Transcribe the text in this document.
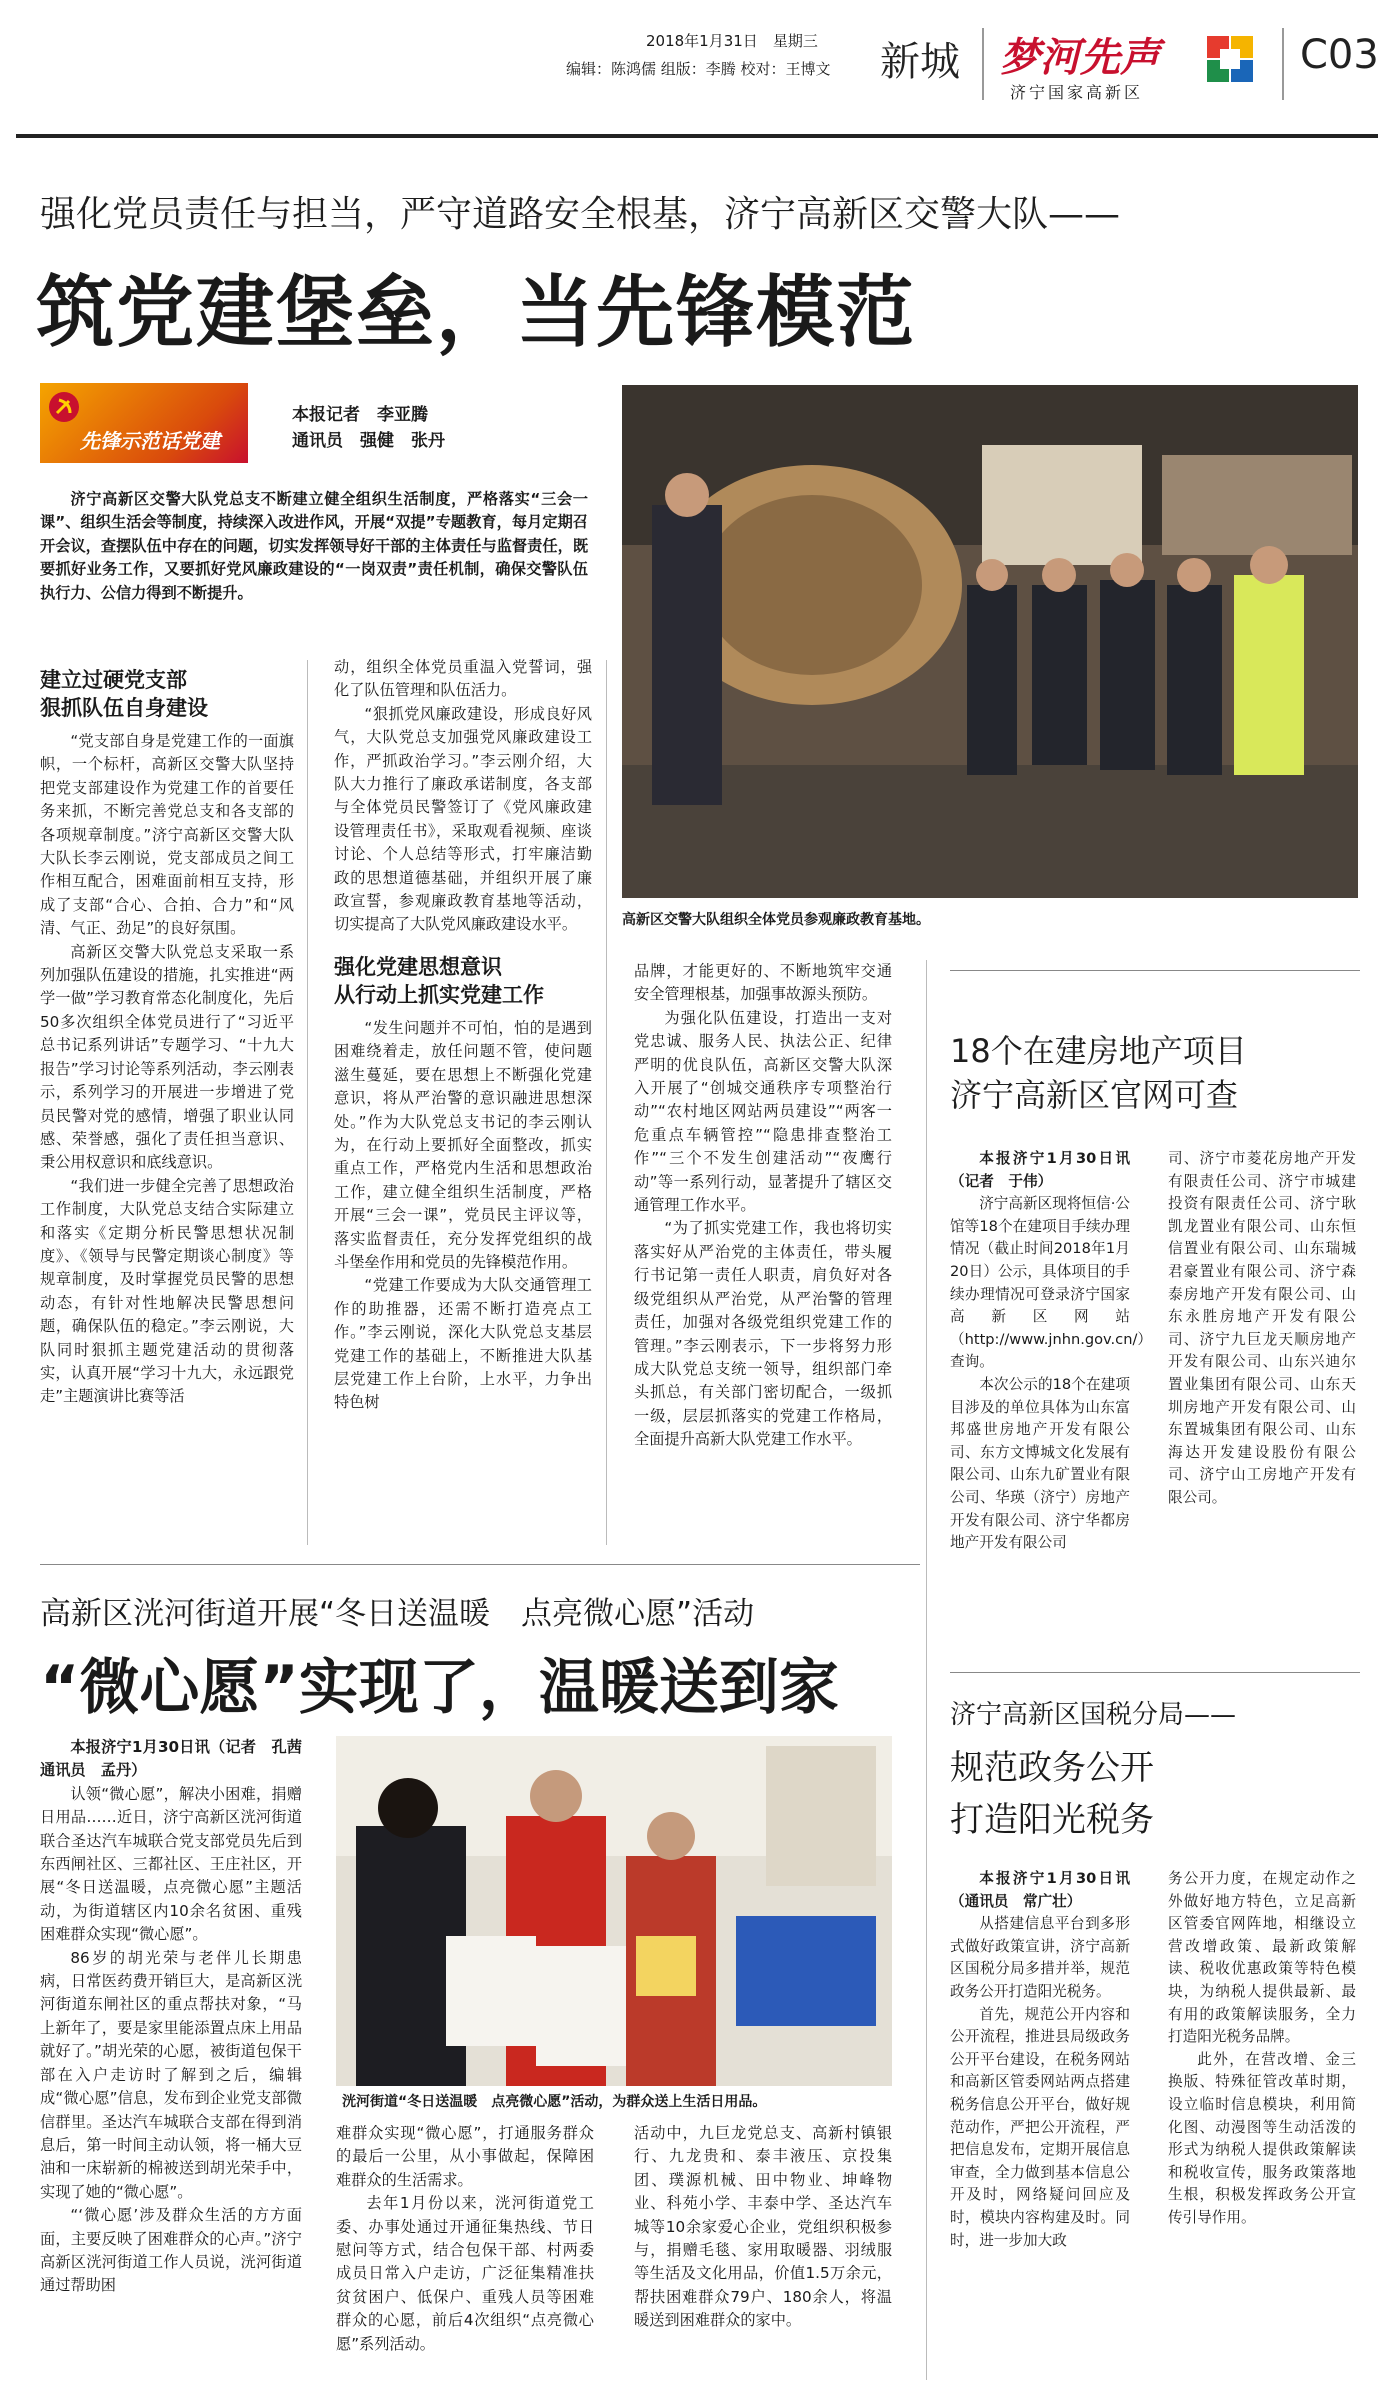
2018年1月31日　 星期三
编辑：陈鸿儒 组版：李腾 校对：王博文 新城 梦河先声
济宁国家高新区
C03
强化党员责任与担当，严守道路安全根基，济宁高新区交警大队——
筑党建堡垒，当先锋模范
先锋示范话党建
本报记者　李亚腾
通讯员　强健　张丹

济宁高新区交警大队党总支不断建立健全组织生活制度，严格落实“三会一课”、组织生活会等制度，持续深入改进作风，开展“双提”专题教育，每月定期召开会议，查摆队伍中存在的问题，切实发挥领导好干部的主体责任与监督责任，既要抓好业务工作，又要抓好党风廉政建设的“一岗双责”责任机制，确保交警队伍执行力、公信力得到不断提升。

高新区交警大队组织全体党员参观廉政教育基地。
建立过硬党支部
狠抓队伍自身建设

“党支部自身是党建工作的一面旗帜，一个标杆，高新区交警大队坚持把党支部建设作为党建工作的首要任务来抓，不断完善党总支和各支部的各项规章制度。”济宁高新区交警大队大队长李云刚说，党支部成员之间工作相互配合，困难面前相互支持，形成了支部“合心、合拍、合力”和“风清、气正、劲足”的良好氛围。

高新区交警大队党总支采取一系列加强队伍建设的措施，扎实推进“两学一做”学习教育常态化制度化，先后50多次组织全体党员进行了“习近平总书记系列讲话”专题学习、“十九大报告”学习讨论等系列活动，李云刚表示，系列学习的开展进一步增进了党员民警对党的感情，增强了职业认同感、荣誉感，强化了责任担当意识、秉公用权意识和底线意识。

“我们进一步健全完善了思想政治工作制度，大队党总支结合实际建立和落实《定期分析民警思想状况制度》、《领导与民警定期谈心制度》等规章制度，及时掌握党员民警的思想动态，有针对性地解决民警思想问题，确保队伍的稳定。”李云刚说，大队同时狠抓主题党建活动的贯彻落实，认真开展“学习十九大，永远跟党走”主题演讲比赛等活

动，组织全体党员重温入党誓词，强化了队伍管理和队伍活力。

“狠抓党风廉政建设，形成良好风气，大队党总支加强党风廉政建设工作，严抓政治学习。”李云刚介绍，大队大力推行了廉政承诺制度，各支部与全体党员民警签订了《党风廉政建设管理责任书》，采取观看视频、座谈讨论、个人总结等形式，打牢廉洁勤政的思想道德基础，并组织开展了廉政宣誓，参观廉政教育基地等活动，切实提高了大队党风廉政建设水平。

强化党建思想意识
从行动上抓实党建工作

“发生问题并不可怕，怕的是遇到困难绕着走，放任问题不管，使问题滋生蔓延，要在思想上不断强化党建意识，将从严治警的意识融进思想深处。”作为大队党总支书记的李云刚认为，在行动上要抓好全面整改，抓实重点工作，严格党内生活和思想政治工作，建立健全组织生活制度，严格开展“三会一课”，党员民主评议等，落实监督责任，充分发挥党组织的战斗堡垒作用和党员的先锋模范作用。

“党建工作要成为大队交通管理工作的助推器，还需不断打造亮点工作。”李云刚说，深化大队党总支基层党建工作的基础上，不断推进大队基层党建工作上台阶，上水平，力争出特色树

品牌，才能更好的、不断地筑牢交通安全管理根基，加强事故源头预防。

为强化队伍建设，打造出一支对党忠诚、服务人民、执法公正、纪律严明的优良队伍，高新区交警大队深入开展了“创城交通秩序专项整治行动”“农村地区网站两员建设”“两客一危重点车辆管控”“隐患排查整治工作”“三个不发生创建活动”“夜鹰行动”等一系列行动，显著提升了辖区交通管理工作水平。

“为了抓实党建工作，我也将切实落实好从严治党的主体责任，带头履行书记第一责任人职责，肩负好对各级党组织从严治党，从严治警的管理责任，加强对各级党组织党建工作的管理。”李云刚表示，下一步将努力形成大队党总支统一领导，组织部门牵头抓总，有关部门密切配合，一级抓一级，层层抓落实的党建工作格局，全面提升高新大队党建工作水平。

18个在建房地产项目
济宁高新区官网可查

本报济宁1月30日讯（记者　于伟）

济宁高新区现将恒信·公馆等18个在建项目手续办理情况（截止时间2018年1月20日）公示，具体项目的手续办理情况可登录济宁国家高新区网站（http://www.jnhn.gov.cn/）查询。

本次公示的18个在建项目涉及的单位具体为山东富邦盛世房地产开发有限公司、东方文博城文化发展有限公司、山东九矿置业有限公司、华瑛（济宁）房地产开发有限公司、济宁华都房地产开发有限公司

司、济宁市菱花房地产开发有限责任公司、济宁市城建投资有限责任公司、济宁耿凯龙置业有限公司、山东恒信置业有限公司、山东瑞城君豪置业有限公司、济宁森泰房地产开发有限公司、山东永胜房地产开发有限公司、济宁九巨龙天顺房地产开发有限公司、山东兴迪尔置业集团有限公司、山东天圳房地产开发有限公司、山东置城集团有限公司、山东海达开发建设股份有限公司、济宁山工房地产开发有限公司。

济宁高新区国税分局——
规范政务公开
打造阳光税务

本报济宁1月30日讯（通讯员　常广壮）

从搭建信息平台到多形式做好政策宣讲，济宁高新区国税分局多措并举，规范政务公开打造阳光税务。

首先，规范公开内容和公开流程，推进县局级政务公开平台建设，在税务网站和高新区管委网站两点搭建税务信息公开平台，做好规范动作，严把公开流程，严把信息发布，定期开展信息审查，全力做到基本信息公开及时，网络疑问回应及时，模块内容构建及时。同时，进一步加大政

务公开力度，在规定动作之外做好地方特色，立足高新区管委官网阵地，相继设立营改增政策、最新政策解读、税收优惠政策等特色模块，为纳税人提供最新、最有用的政策解读服务，全力打造阳光税务品牌。

此外，在营改增、金三换版、特殊征管改革时期，设立临时信息模块，利用简化图、动漫图等生动活泼的形式为纳税人提供政策解读和税收宣传，服务政策落地生根，积极发挥政务公开宣传引导作用。

高新区洸河街道开展“冬日送温暖　点亮微心愿”活动
“微心愿”实现了，温暖送到家

本报济宁1月30日讯（记者　孔茜　通讯员　孟丹）

认领“微心愿”，解决小困难，捐赠日用品……近日，济宁高新区洸河街道联合圣达汽车城联合党支部党员先后到东西闸社区、三都社区、王庄社区，开展“冬日送温暖，点亮微心愿”主题活动，为街道辖区内10余名贫困、重残困难群众实现“微心愿”。

86岁的胡光荣与老伴儿长期患病，日常医药费开销巨大，是高新区洸河街道东闸社区的重点帮扶对象，“马上新年了，要是家里能添置点床上用品就好了。”胡光荣的心愿，被街道包保干部在入户走访时了解到之后，编辑成“微心愿”信息，发布到企业党支部微信群里。圣达汽车城联合支部在得到消息后，第一时间主动认领，将一桶大豆油和一床崭新的棉被送到胡光荣手中，实现了她的“微心愿”。

“‘微心愿’涉及群众生活的方方面面，主要反映了困难群众的心声。”济宁高新区洸河街道工作人员说，洸河街道通过帮助困

洸河街道“冬日送温暖　点亮微心愿”活动，为群众送上生活日用品。

难群众实现“微心愿”，打通服务群众的最后一公里，从小事做起，保障困难群众的生活需求。

去年1月份以来，洸河街道党工委、办事处通过开通征集热线、节日慰问等方式，结合包保干部、村两委成员日常入户走访，广泛征集精准扶贫贫困户、低保户、重残人员等困难群众的心愿，前后4次组织“点亮微心愿”系列活动。

活动中，九巨龙党总支、高新村镇银行、九龙贵和、泰丰液压、京投集团、璞源机械、田中物业、坤峰物业、科苑小学、丰泰中学、圣达汽车城等10余家爱心企业，党组织积极参与，捐赠毛毯、家用取暖器、羽绒服等生活及文化用品，价值1.5万余元，帮扶困难群众79户、180余人，将温暖送到困难群众的家中。
